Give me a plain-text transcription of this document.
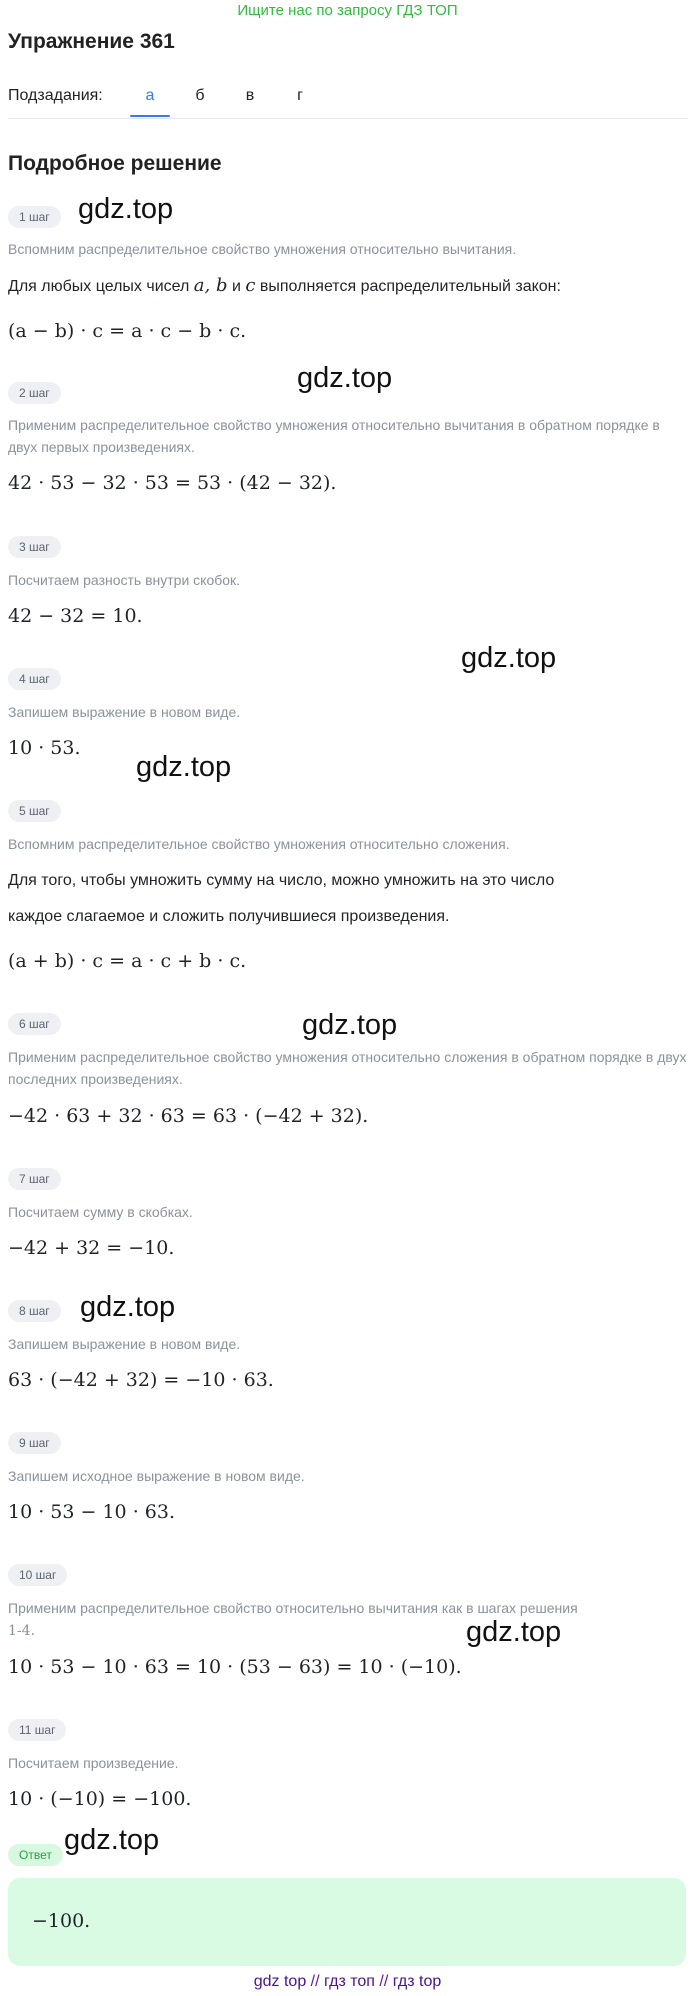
Ищите нас по запросу ГДЗ ТОП
Упражнение 361
Подзадания:	а	б	в	г
Подробное решение
1 шаг gdz.top
Вспомним распределительное свойство умножения относительно вычитания.
Для любых целых чисел a, b и c выполняется распределительный закон:
(a − b) · c = a · c − b · c.
2 шаг	gdz.top
Применим распределительное свойство умножения относительно вычитания в обратном порядке в двух первых произведениях.
42 · 53 − 32 · 53 = 53 · (42 − 32).
3 шаг
Посчитаем разность внутри скобок.
42 − 32 = 10.
4 шаг
gdz.top
Запишем выражение в новом виде.
10 · 53.
gdz.top
5 шаг
Вспомним распределительное свойство умножения относительно сложения.
Для того, чтобы умножить сумму на число, можно умножить на это число
каждое слагаемое и сложить получившиеся произведения.
(a + b) · c = a · c + b · c.
6 шаг	gdz.top
Применим распределительное свойство умножения относительно сложения в обратном порядке в двух последних произведениях.
−42 · 63 + 32 · 63 = 63 · (−42 + 32).
7 шаг
Посчитаем сумму в скобках.
−42 + 32 = −10.
8 шаг	gdz.top
Запишем выражение в новом виде.
63 · (−42 + 32) = −10 · 63.
9 шаг
Запишем исходное выражение в новом виде.
10 · 53 − 10 · 63.
10 шаг
Применим распределительное свойство относительно вычитания как в шагах решения
1-4.	gdz.top
10 · 53 − 10 · 63 = 10 · (53 − 63) = 10 · (−10).
11 шаг
Посчитаем произведение.
10 · (−10) = −100.
Ответ gdz.top
−100.
gdz top // гдз топ // гдз top
